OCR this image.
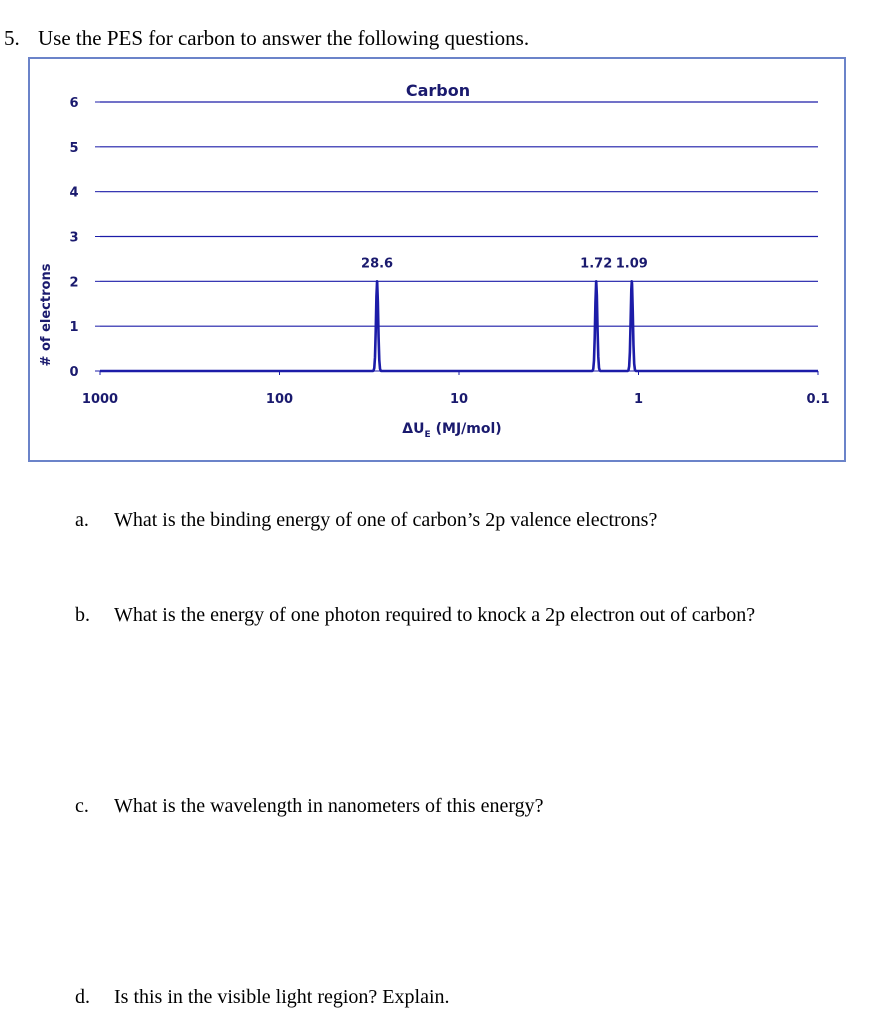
5. Use the PES for carbon to answer the following questions.
0
1
2
3
4
5
6
1000	100	10	1	0.1
28.6	1.72 1.09
Carbon
# of electrons
$\Delta U_E$ (MJ/mol)
a. What is the binding energy of one of carbon’s 2p valence electrons?
b. What is the energy of one photon required to knock a 2p electron out of carbon?
c. What is the wavelength in nanometers of this energy?
d. Is this in the visible light region? Explain.
